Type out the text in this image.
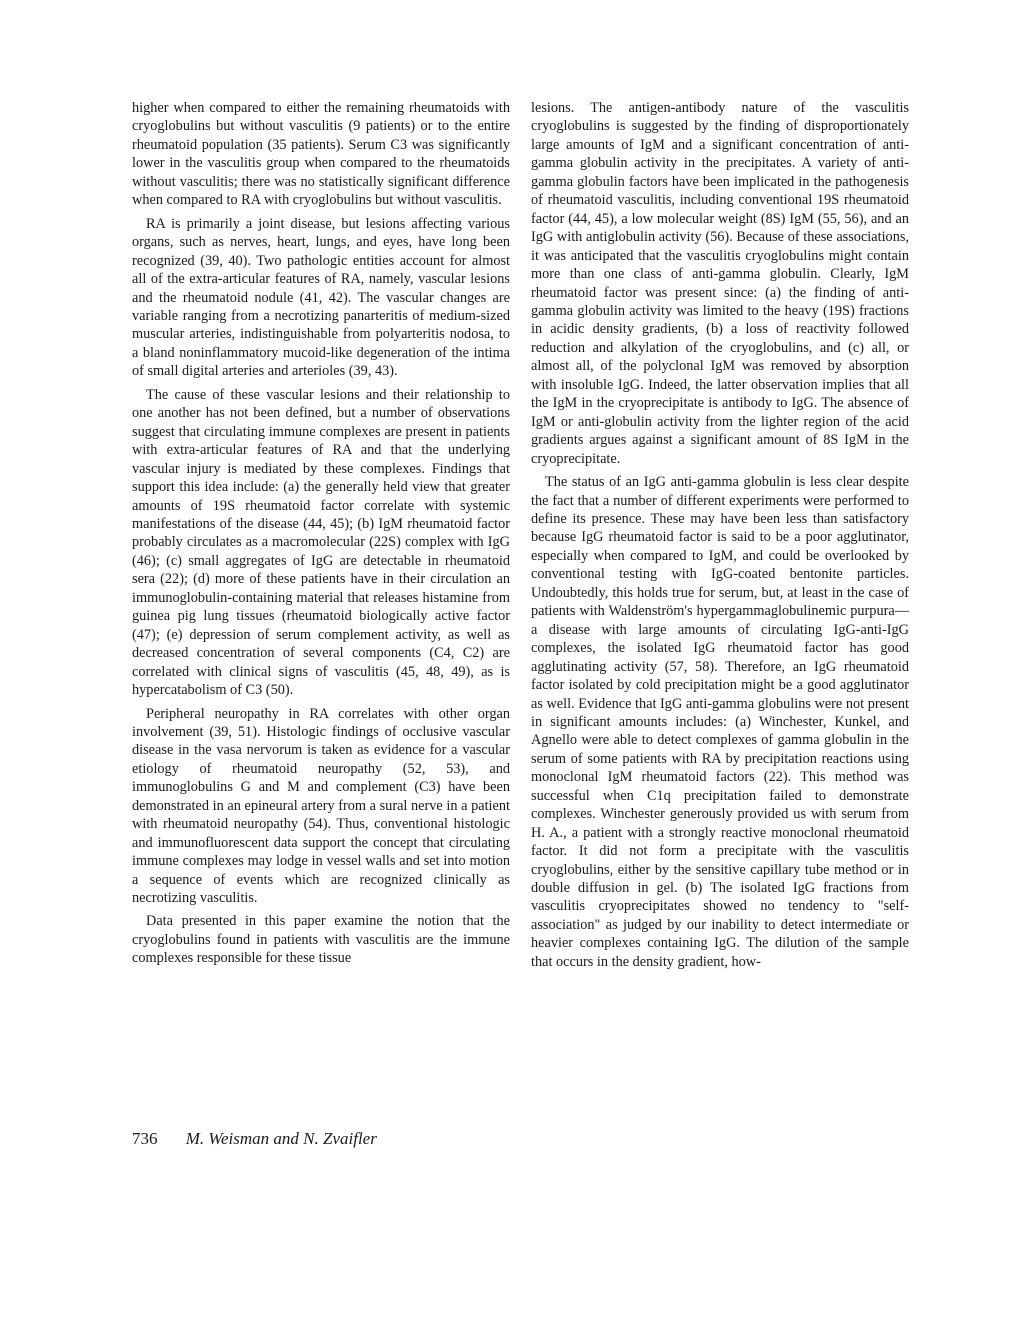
higher when compared to either the remaining rheumatoids with cryoglobulins but without vasculitis (9 patients) or to the entire rheumatoid population (35 patients). Serum C3 was significantly lower in the vasculitis group when compared to the rheumatoids without vasculitis; there was no statistically significant difference when compared to RA with cryoglobulins but without vasculitis.

RA is primarily a joint disease, but lesions affecting various organs, such as nerves, heart, lungs, and eyes, have long been recognized (39, 40). Two pathologic entities account for almost all of the extra-articular features of RA, namely, vascular lesions and the rheumatoid nodule (41, 42). The vascular changes are variable ranging from a necrotizing panarteritis of medium-sized muscular arteries, indistinguishable from polyarteritis nodosa, to a bland noninflammatory mucoid-like degeneration of the intima of small digital arteries and arterioles (39, 43).

The cause of these vascular lesions and their relationship to one another has not been defined, but a number of observations suggest that circulating immune complexes are present in patients with extra-articular features of RA and that the underlying vascular injury is mediated by these complexes. Findings that support this idea include: (a) the generally held view that greater amounts of 19S rheumatoid factor correlate with systemic manifestations of the disease (44, 45); (b) IgM rheumatoid factor probably circulates as a macromolecular (22S) complex with IgG (46); (c) small aggregates of IgG are detectable in rheumatoid sera (22); (d) more of these patients have in their circulation an immunoglobulin-containing material that releases histamine from guinea pig lung tissues (rheumatoid biologically active factor (47); (e) depression of serum complement activity, as well as decreased concentration of several components (C4, C2) are correlated with clinical signs of vasculitis (45, 48, 49), as is hypercatabolism of C3 (50).

Peripheral neuropathy in RA correlates with other organ involvement (39, 51). Histologic findings of occlusive vascular disease in the vasa nervorum is taken as evidence for a vascular etiology of rheumatoid neuropathy (52, 53), and immunoglobulins G and M and complement (C3) have been demonstrated in an epineural artery from a sural nerve in a patient with rheumatoid neuropathy (54). Thus, conventional histologic and immunofluorescent data support the concept that circulating immune complexes may lodge in vessel walls and set into motion a sequence of events which are recognized clinically as necrotizing vasculitis.

Data presented in this paper examine the notion that the cryoglobulins found in patients with vasculitis are the immune complexes responsible for these tissue

lesions. The antigen-antibody nature of the vasculitis cryoglobulins is suggested by the finding of disproportionately large amounts of IgM and a significant concentration of anti-gamma globulin activity in the precipitates. A variety of anti-gamma globulin factors have been implicated in the pathogenesis of rheumatoid vasculitis, including conventional 19S rheumatoid factor (44, 45), a low molecular weight (8S) IgM (55, 56), and an IgG with antiglobulin activity (56). Because of these associations, it was anticipated that the vasculitis cryoglobulins might contain more than one class of anti-gamma globulin. Clearly, IgM rheumatoid factor was present since: (a) the finding of anti-gamma globulin activity was limited to the heavy (19S) fractions in acidic density gradients, (b) a loss of reactivity followed reduction and alkylation of the cryoglobulins, and (c) all, or almost all, of the polyclonal IgM was removed by absorption with insoluble IgG. Indeed, the latter observation implies that all the IgM in the cryoprecipitate is antibody to IgG. The absence of IgM or anti-globulin activity from the lighter region of the acid gradients argues against a significant amount of 8S IgM in the cryoprecipitate.

The status of an IgG anti-gamma globulin is less clear despite the fact that a number of different experiments were performed to define its presence. These may have been less than satisfactory because IgG rheumatoid factor is said to be a poor agglutinator, especially when compared to IgM, and could be overlooked by conventional testing with IgG-coated bentonite particles. Undoubtedly, this holds true for serum, but, at least in the case of patients with Waldenström's hypergammaglobulinemic purpura—a disease with large amounts of circulating IgG-anti-IgG complexes, the isolated IgG rheumatoid factor has good agglutinating activity (57, 58). Therefore, an IgG rheumatoid factor isolated by cold precipitation might be a good agglutinator as well. Evidence that IgG anti-gamma globulins were not present in significant amounts includes: (a) Winchester, Kunkel, and Agnello were able to detect complexes of gamma globulin in the serum of some patients with RA by precipitation reactions using monoclonal IgM rheumatoid factors (22). This method was successful when C1q precipitation failed to demonstrate complexes. Winchester generously provided us with serum from H. A., a patient with a strongly reactive monoclonal rheumatoid factor. It did not form a precipitate with the vasculitis cryoglobulins, either by the sensitive capillary tube method or in double diffusion in gel. (b) The isolated IgG fractions from vasculitis cryoprecipitates showed no tendency to "self-association" as judged by our inability to detect intermediate or heavier complexes containing IgG. The dilution of the sample that occurs in the density gradient, how-

736 M. Weisman and N. Zvaifler
